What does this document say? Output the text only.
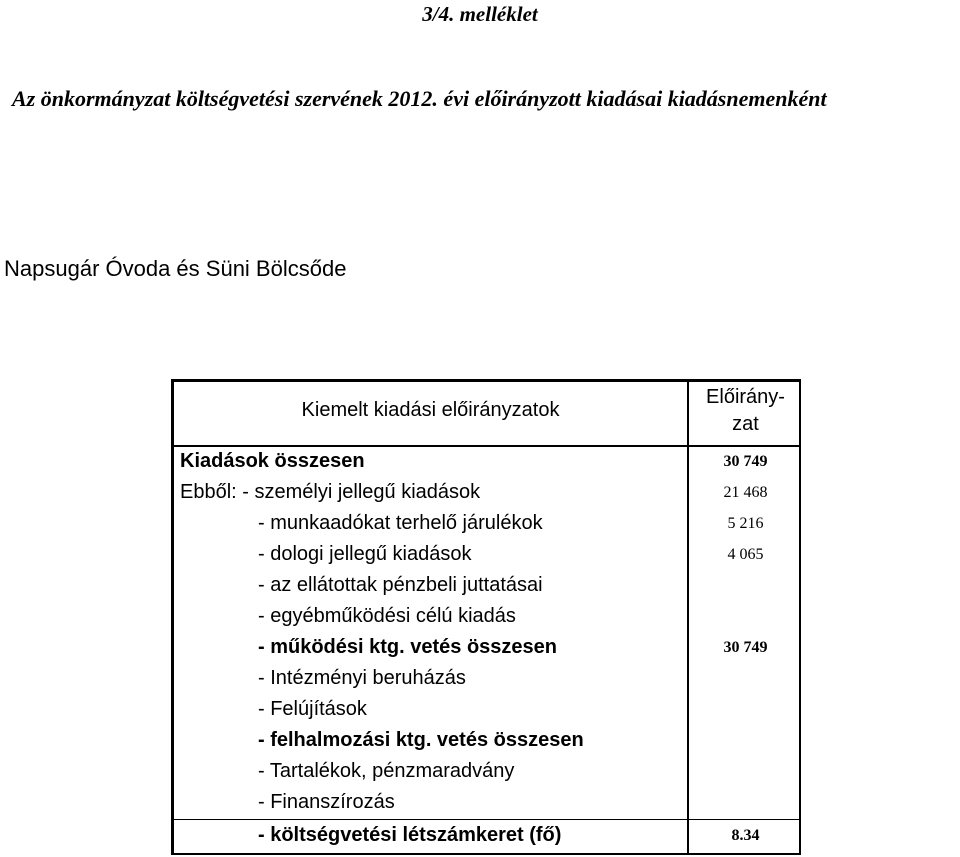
3/4. melléklet
Az önkormányzat költségvetési szervének 2012. évi előirányzott kiadásai kiadásnemenként
Napsugár Óvoda és Süni Bölcsőde
Kiemelt kiadási előirányzatok
Előirány-
zat
Kiadások összesen	30 749
Ebből: - személyi jellegű kiadások	21 468
- munkaadókat terhelő járulékok	5 216
- dologi jellegű kiadások	4 065
- az ellátottak pénzbeli juttatásai
- egyébműködési célú kiadás
- működési ktg. vetés összesen	30 749
- Intézményi beruházás
- Felújítások
- felhalmozási ktg. vetés összesen
- Tartalékok, pénzmaradvány
- Finanszírozás
- költségvetési létszámkeret (fő)	8.34
